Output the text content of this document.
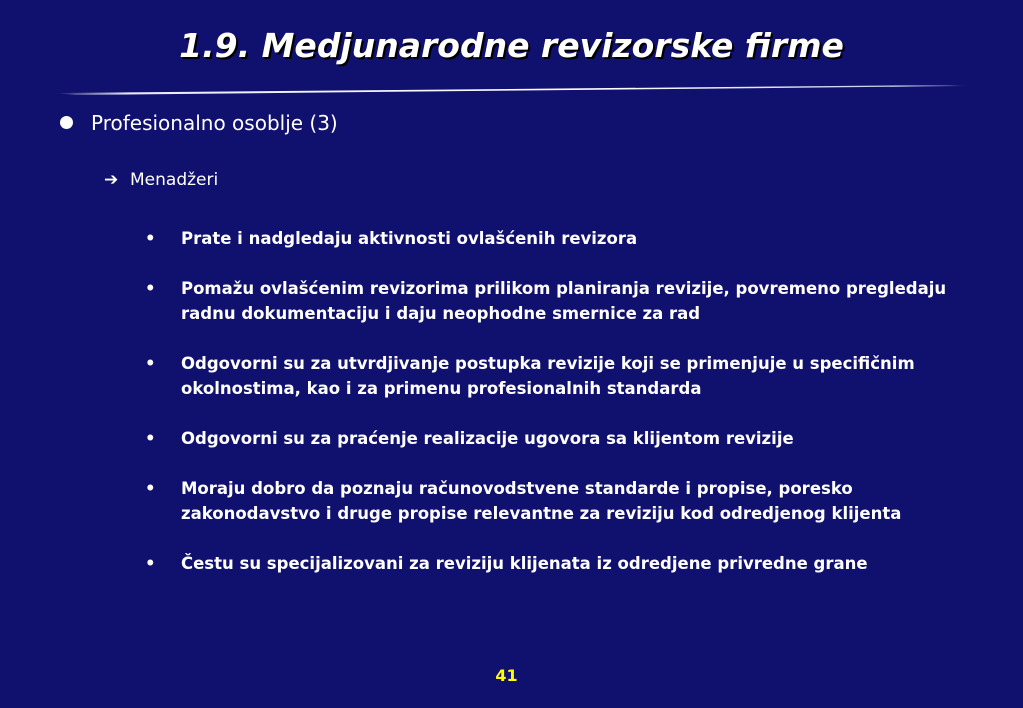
1.9. Medjunarodne revizorske firme
Profesionalno osoblje (3)
➔ Menadžeri
• Prate i nadgledaju aktivnosti ovlašćenih revizora
• Pomažu ovlašćenim revizorima prilikom planiranja revizije, povremeno pregledaju radnu dokumentaciju i daju neophodne smernice za rad
• Odgovorni su za utvrdjivanje postupka revizije koji se primenjuje u specifičnim okolnostima, kao i za primenu profesionalnih standarda
• Odgovorni su za praćenje realizacije ugovora sa klijentom revizije
• Moraju dobro da poznaju računovodstvene standarde i propise, poresko zakonodavstvo i druge propise relevantne za reviziju kod odredjenog klijenta
• Čestu su specijalizovani za reviziju klijenata iz odredjene privredne grane
41
